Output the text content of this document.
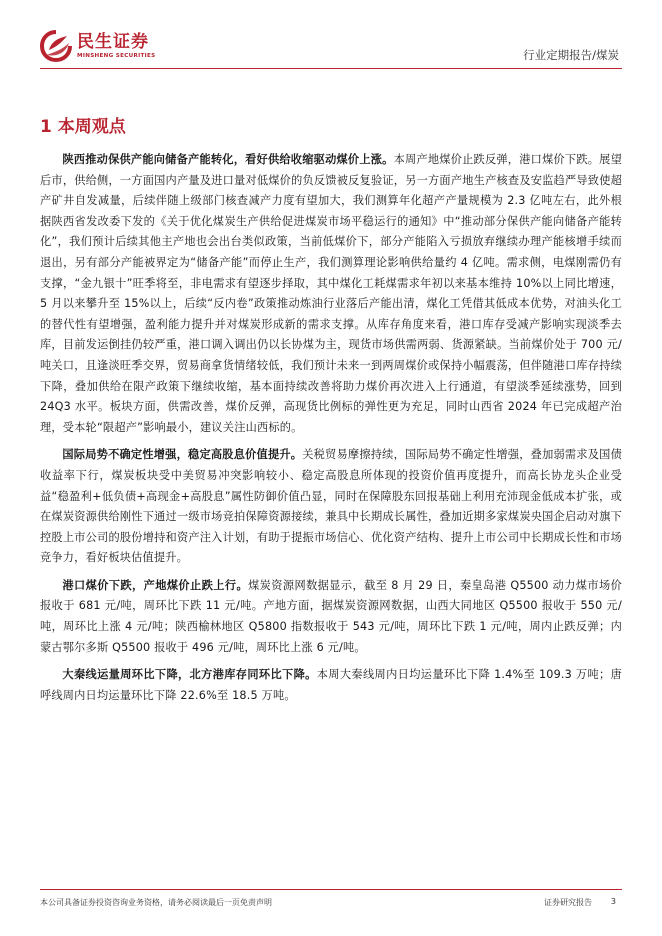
民生证券
MINSHENG SECURITIES	行业定期报告/煤炭
1 本周观点

陕西推动保供产能向储备产能转化，看好供给收缩驱动煤价上涨。本周产地煤价止跌反弹，港口煤价下跌。展望后市，供给侧，一方面国内产量及进口量对低煤价的负反馈被反复验证，另一方面产地生产核查及安监趋严导致使超产矿井自发减量，后续伴随上级部门核查减产力度有望加大，我们测算年化超产产量规模为 2.3 亿吨左右，此外根据陕西省发改委下发的《关于优化煤炭生产供给促进煤炭市场平稳运行的通知》中“推动部分保供产能向储备产能转化”，我们预计后续其他主产地也会出台类似政策，当前低煤价下，部分产能陷入亏损放弃继续办理产能核增手续而退出，另有部分产能被界定为“储备产能”而停止生产，我们测算理论影响供给量约 4 亿吨。需求侧，电煤刚需仍有支撑，“金九银十”旺季将至，非电需求有望逐步择取，其中煤化工耗煤需求年初以来基本维持 10%以上同比增速，5 月以来攀升至 15%以上，后续“反内卷”政策推动炼油行业落后产能出清，煤化工凭借其低成本优势，对油头化工的替代性有望增强，盈利能力提升并对煤炭形成新的需求支撑。从库存角度来看，港口库存受减产影响实现淡季去库，目前发运倒挂仍较严重，港口调入调出仍以长协煤为主，现货市场供需两弱、货源紧缺。当前煤价处于 700 元/吨关口，且逢淡旺季交界，贸易商拿货情绪较低，我们预计未来一到两周煤价或保持小幅震荡，但伴随港口库存持续下降，叠加供给在限产政策下继续收缩，基本面持续改善将助力煤价再次进入上行通道，有望淡季延续涨势，回到 24Q3 水平。板块方面，供需改善，煤价反弹，高现货比例标的弹性更为充足，同时山西省 2024 年已完成超产治理，受本轮“限超产”影响最小，建议关注山西标的。

国际局势不确定性增强，稳定高股息价值提升。关税贸易摩擦持续，国际局势不确定性增强，叠加弱需求及国债收益率下行，煤炭板块受中美贸易冲突影响较小、稳定高股息所体现的投资价值再度提升，而高长协龙头企业受益“稳盈利+低负债+高现金+高股息”属性防御价值凸显，同时在保障股东回报基础上利用充沛现金低成本扩张，或在煤炭资源供给刚性下通过一级市场竞拍保障资源接续，兼具中长期成长属性，叠加近期多家煤炭央国企启动对旗下控股上市公司的股份增持和资产注入计划，有助于提振市场信心、优化资产结构、提升上市公司中长期成长性和市场竞争力，看好板块估值提升。

港口煤价下跌，产地煤价止跌上行。煤炭资源网数据显示，截至 8 月 29 日，秦皇岛港 Q5500 动力煤市场价报收于 681 元/吨，周环比下跌 11 元/吨。产地方面，据煤炭资源网数据，山西大同地区 Q5500 报收于 550 元/吨，周环比上涨 4 元/吨；陕西榆林地区 Q5800 指数报收于 543 元/吨，周环比下跌 1 元/吨，周内止跌反弹；内蒙古鄂尔多斯 Q5500 报收于 496 元/吨，周环比上涨 6 元/吨。

大秦线运量周环比下降，北方港库存同环比下降。本周大秦线周内日均运量环比下降 1.4%至 109.3 万吨；唐呼线周内日均运量环比下降 22.6%至 18.5 万吨。

本公司具备证券投资咨询业务资格，请务必阅读最后一页免责声明	证券研究报告 3
